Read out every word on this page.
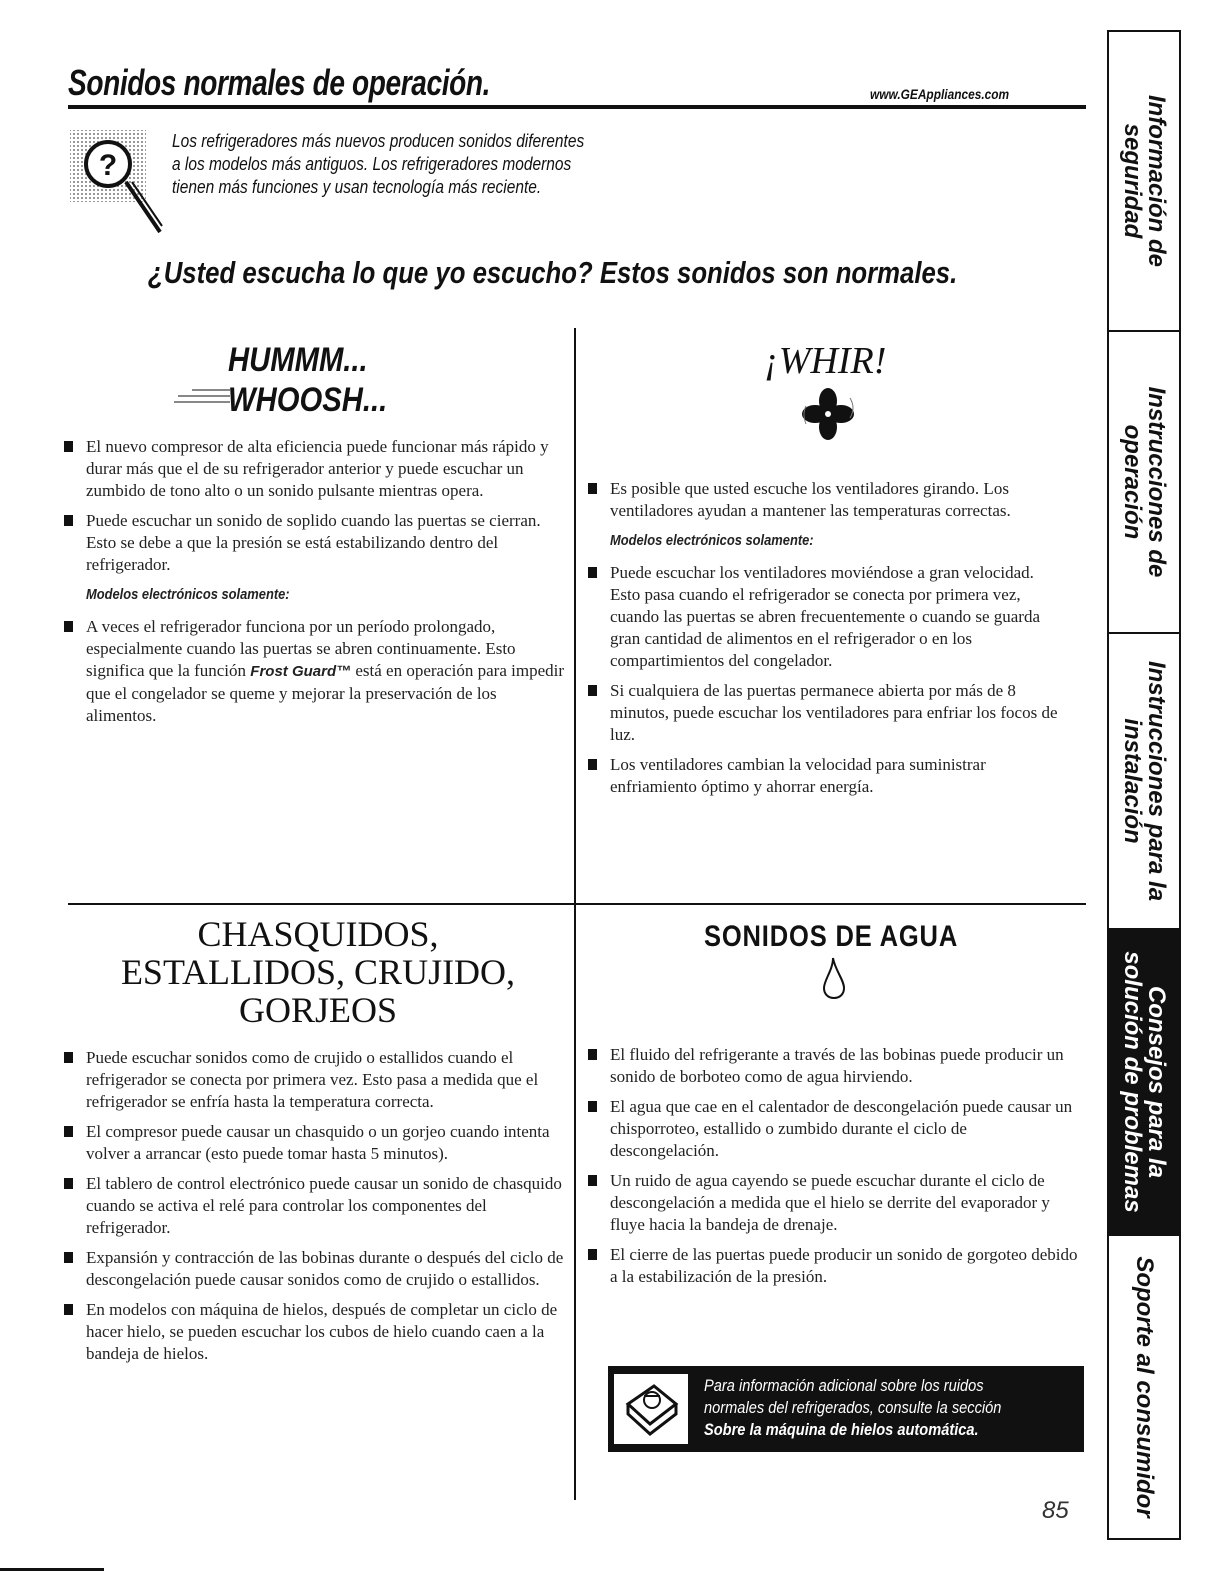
Sonidos normales de operación.	www.GEAppliances.com
?
Los refrigeradores más nuevos producen sonidos diferentes
a los modelos más antiguos. Los refrigeradores modernos
tienen más funciones y usan tecnología más reciente.
¿Usted escucha lo que yo escucho? Estos sonidos son normales.
HUMMM...
WHOOSH...
El nuevo compresor de alta eficiencia puede funcionar más rápido y durar más que el de su refrigerador anterior y puede escuchar un zumbido de tono alto o un sonido pulsante mientras opera.
Puede escuchar un sonido de soplido cuando las puertas se cierran. Esto se debe a que la presión se está estabilizando dentro del refrigerador.
Modelos electrónicos solamente:
A veces el refrigerador funciona por un período prolongado, especialmente cuando las puertas se abren continuamente. Esto significa que la función Frost Guard™ está en operación para impedir que el congelador se queme y mejorar la preservación de los alimentos.
¡WHIR!
Es posible que usted escuche los ventiladores girando. Los ventiladores ayudan a mantener las temperaturas correctas.
Modelos electrónicos solamente:
Puede escuchar los ventiladores moviéndose a gran velocidad. Esto pasa cuando el refrigerador se conecta por primera vez, cuando las puertas se abren frecuentemente o cuando se guarda gran cantidad de alimentos en el refrigerador o en los compartimientos del congelador.
Si cualquiera de las puertas permanece abierta por más de 8 minutos, puede escuchar los ventiladores para enfriar los focos de luz.
Los ventiladores cambian la velocidad para suministrar enfriamiento óptimo y ahorrar energía.
CHASQUIDOS,
ESTALLIDOS, CRUJIDO,
GORJEOS
Puede escuchar sonidos como de crujido o estallidos cuando el refrigerador se conecta por primera vez. Esto pasa a medida que el refrigerador se enfría hasta la temperatura correcta.
El compresor puede causar un chasquido o un gorjeo cuando intenta volver a arrancar (esto puede tomar hasta 5 minutos).
El tablero de control electrónico puede causar un sonido de chasquido cuando se activa el relé para controlar los componentes del refrigerador.
Expansión y contracción de las bobinas durante o después del ciclo de descongelación puede causar sonidos como de crujido o estallidos.
En modelos con máquina de hielos, después de completar un ciclo de hacer hielo, se pueden escuchar los cubos de hielo cuando caen a la bandeja de hielos.
SONIDOS DE AGUA
El fluido del refrigerante a través de las bobinas puede producir un sonido de borboteo como de agua hirviendo.
El agua que cae en el calentador de descongelación puede causar un chisporroteo, estallido o zumbido durante el ciclo de descongelación.
Un ruido de agua cayendo se puede escuchar durante el ciclo de descongelación a medida que el hielo se derrite del evaporador y fluye hacia la bandeja de drenaje.
El cierre de las puertas puede producir un sonido de gorgoteo debido a la estabilización de la presión.
Para información adicional sobre los ruidos
normales del refrigerados, consulte la sección
Sobre la máquina de hielos automática.
85
Información de
seguridad
Instrucciones de
operación
Instrucciones para la
instalación
Consejos para la
solución de problemas
Soporte al consumidor
